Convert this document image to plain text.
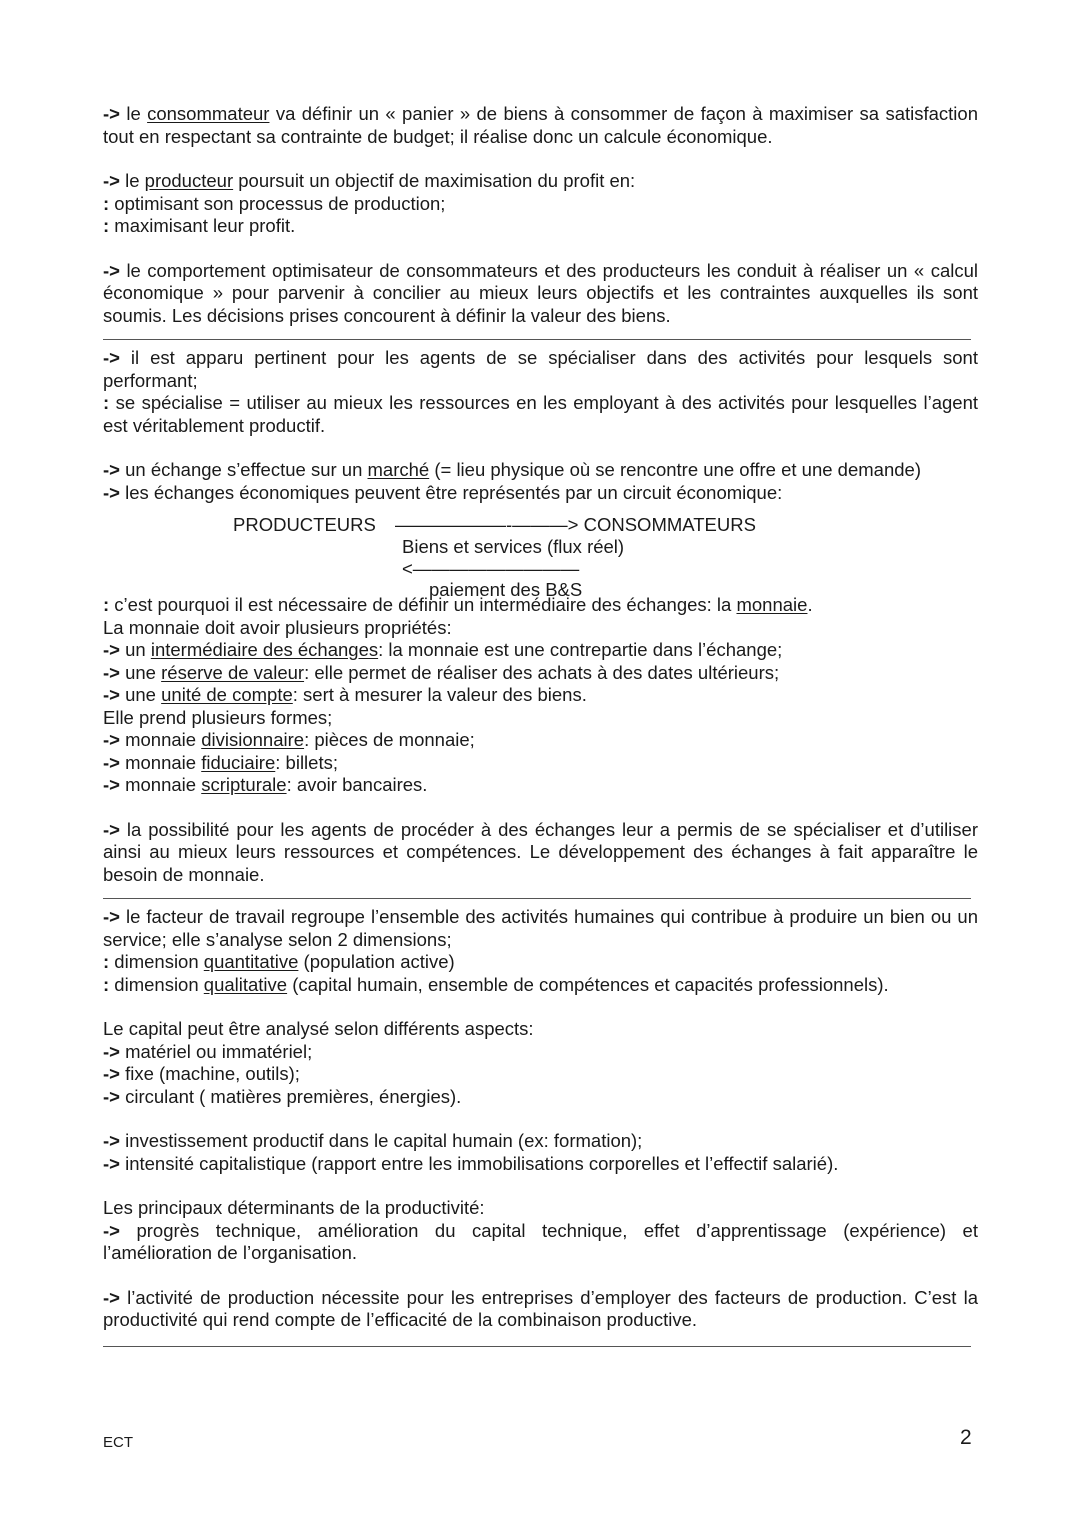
-> le consommateur va définir un « panier » de biens à consommer de façon à maximiser sa satisfaction tout en respectant sa contrainte de budget; il réalise donc un calcule économique.
-> le producteur poursuit un objectif de maximisation du profit en:
: optimisant son processus de production;
: maximisant leur profit.
-> le comportement optimisateur de consommateurs et des producteurs les conduit à réaliser un « calcul économique » pour parvenir à concilier au mieux leurs objectifs et les contraintes auxquelles ils sont soumis. Les décisions prises concourent à définir la valeur des biens.
-> il est apparu pertinent pour les agents de se spécialiser dans des activités pour lesquels sont performant;
: se spécialise = utiliser au mieux les ressources en les employant à des activités pour lesquelles l’agent est véritablement productif.
-> un échange s’effectue sur un marché (= lieu physique où se rencontre une offre et une demande)
-> les échanges économiques peuvent être représentés par un circuit économique:
PRODUCTEURS ——————-———> CONSOMMATEURS
Biens et services (flux réel)
<—————————
paiement des B&S
: c’est pourquoi il est nécessaire de définir un intermédiaire des échanges: la monnaie.
La monnaie doit avoir plusieurs propriétés:
-> un intermédiaire des échanges: la monnaie est une contrepartie dans l’échange;
-> une réserve de valeur: elle permet de réaliser des achats à des dates ultérieurs;
-> une unité de compte: sert à mesurer la valeur des biens.
Elle prend plusieurs formes;
-> monnaie divisionnaire: pièces de monnaie;
-> monnaie fiduciaire: billets;
-> monnaie scripturale: avoir bancaires.
-> la possibilité pour les agents de procéder à des échanges leur a permis de se spécialiser et d’utiliser ainsi au mieux leurs ressources et compétences. Le développement des échanges à fait apparaître le besoin de monnaie.
-> le facteur de travail regroupe l’ensemble des activités humaines qui contribue à produire un bien ou un service; elle s’analyse selon 2 dimensions;
: dimension quantitative (population active)
: dimension qualitative (capital humain, ensemble de compétences et capacités professionnels).
Le capital peut être analysé selon différents aspects:
-> matériel ou immatériel;
-> fixe (machine, outils);
-> circulant ( matières premières, énergies).
-> investissement productif dans le capital humain (ex: formation);
-> intensité capitalistique (rapport entre les immobilisations corporelles et l’effectif salarié).
Les principaux déterminants de la productivité:
-> progrès technique, amélioration du capital technique, effet d’apprentissage (expérience) et l’amélioration de l’organisation.
-> l’activité de production nécessite pour les entreprises d’employer des facteurs de production. C’est la productivité qui rend compte de l’efficacité de la combinaison productive.
ECT	2
